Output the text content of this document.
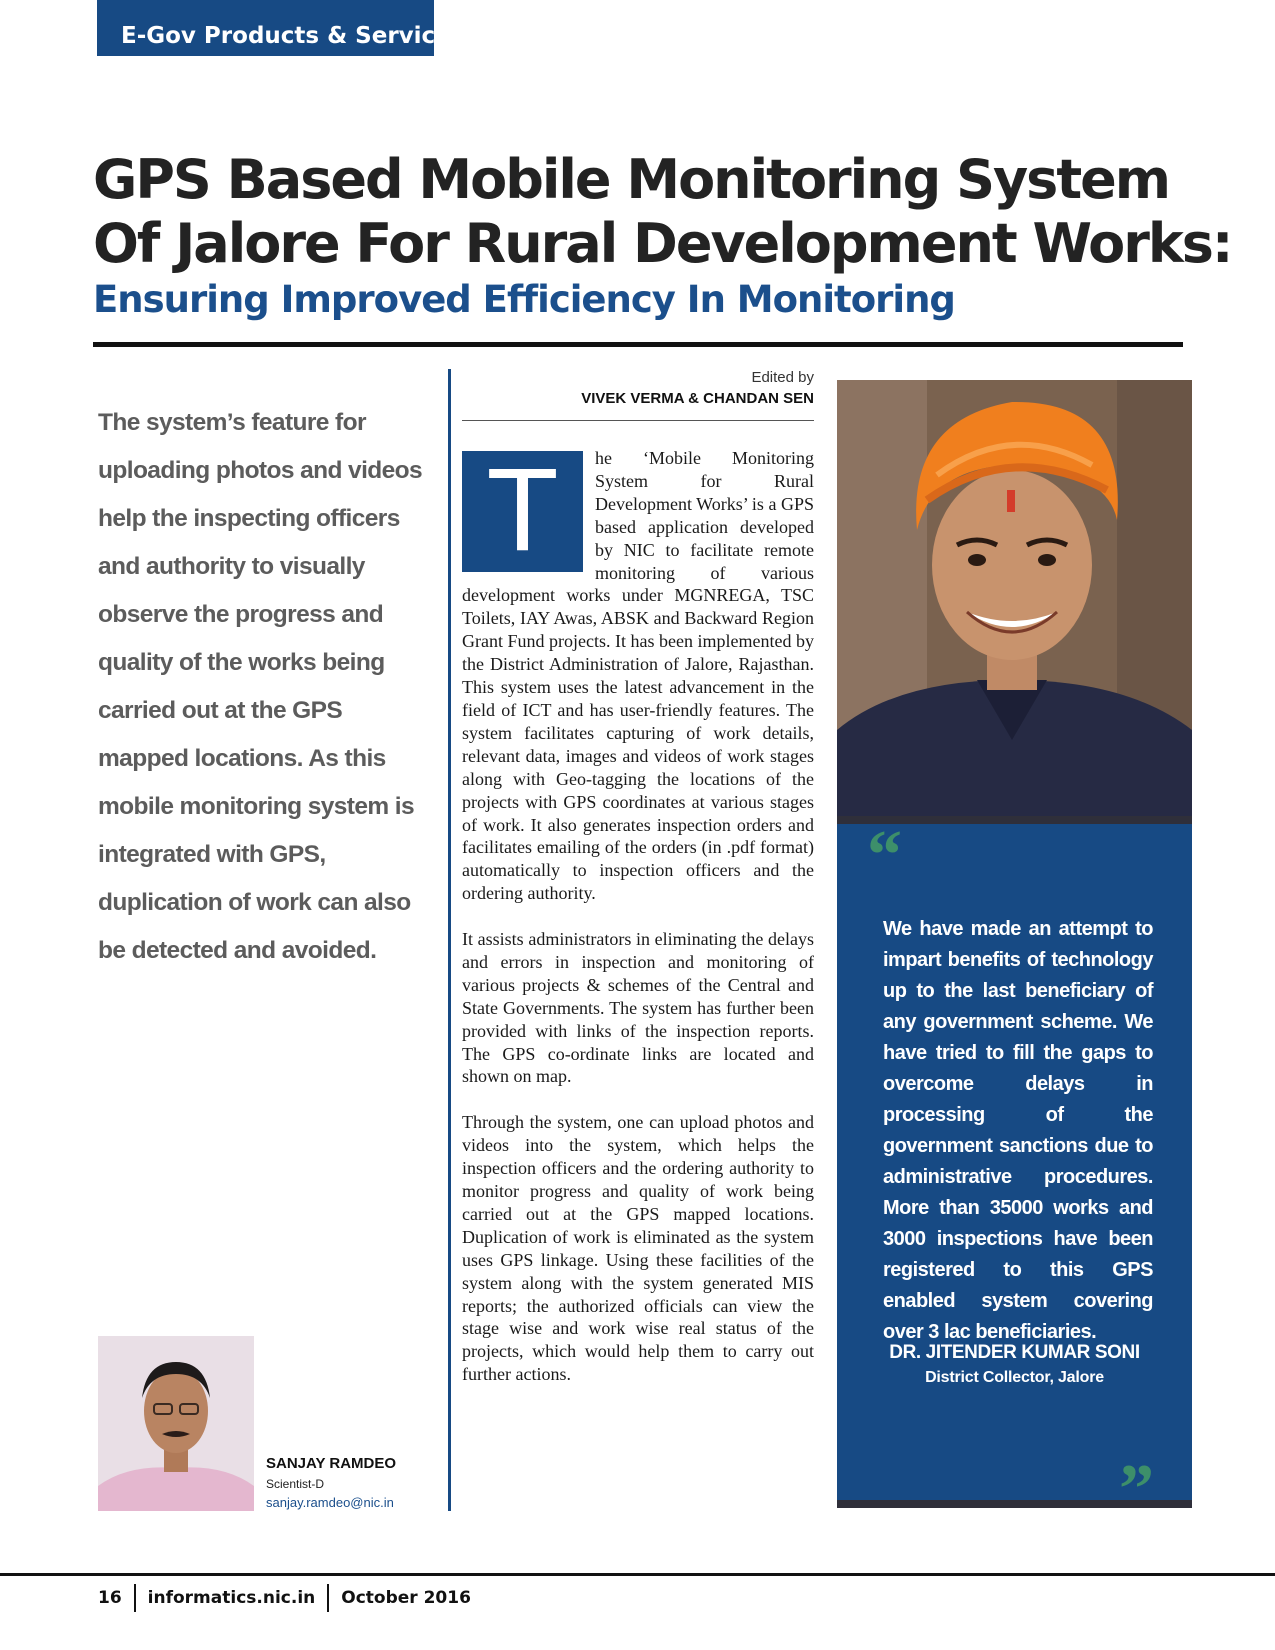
E-Gov Products & Services
GPS Based Mobile Monitoring System
Of Jalore For Rural Development Works:
Ensuring Improved Efficiency In Monitoring
The system’s feature for uploading photos and videos help the inspecting officers and authority to visually observe the progress and quality of the works being carried out at the GPS mapped locations. As this mobile monitoring system is integrated with GPS, duplication of work can also be detected and avoided.
SANJAY RAMDEO
Scientist-D
sanjay.ramdeo@nic.in
Edited by
VIVEK VERMA & CHANDAN SEN

T	he ‘Mobile Monitoring System for Rural Development Works’ is a GPS based application developed by NIC to facilitate remote monitoring of various development works under MGNREGA, TSC Toilets, IAY Awas, ABSK and Backward Region Grant Fund projects. It has been implemented by the District Administration of Jalore, Rajasthan. This system uses the latest advancement in the field of ICT and has user-friendly features. The system facilitates capturing of work details, relevant data, images and videos of work stages along with Geo-tagging the locations of the projects with GPS coordinates at various stages of work. It also generates inspection orders and facilitates emailing of the orders (in .pdf format) automatically to inspection officers and the ordering authority.

It assists administrators in eliminating the delays and errors in inspection and monitoring of various projects & schemes of the Central and State Governments. The system has further been provided with links of the inspection reports. The GPS co-ordinate links are located and shown on map.

Through the system, one can upload photos and videos into the system, which helps the inspection officers and the ordering authority to monitor progress and quality of work being carried out at the GPS mapped locations. Duplication of work is eliminated as the system uses GPS linkage. Using these facilities of the system along with the system generated MIS reports; the authorized officials can view the stage wise and work wise real status of the projects, which would help them to carry out further actions.

“
We have made an attempt to impart benefits of technology up to the last beneficiary of any government scheme. We have tried to fill the gaps to overcome delays in processing of the government sanctions due to administrative procedures. More than 35000 works and 3000 inspections have been registered to this GPS enabled system covering over 3 lac beneficiaries.
DR. JITENDER KUMAR SONI
District Collector, Jalore
”
16 informatics.nic.in October 2016
